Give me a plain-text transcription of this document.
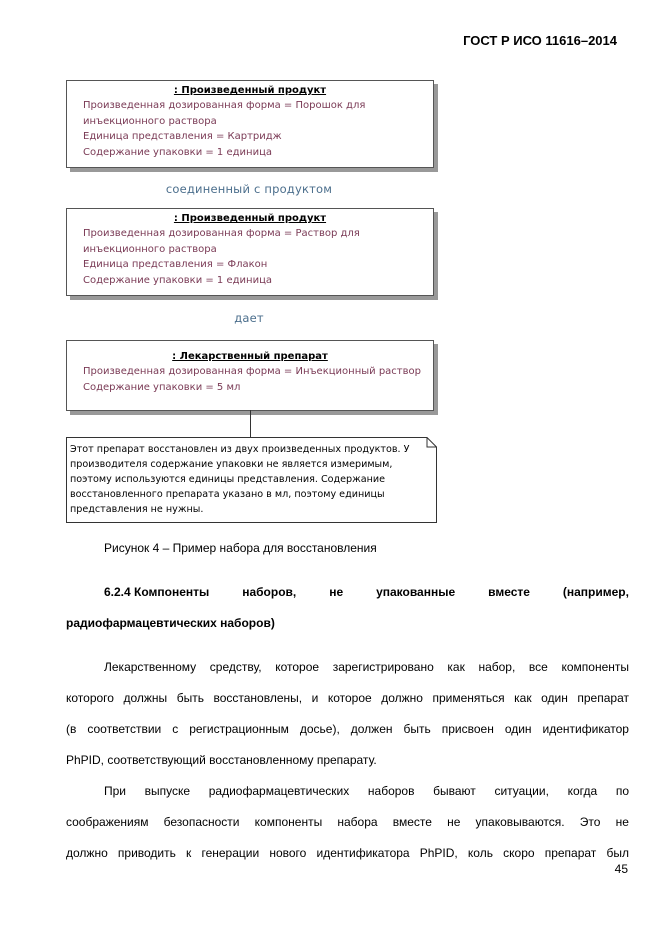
ГОСТ Р ИСО 11616–2014
: Произведенный продукт
Произведенная дозированная форма = Порошок для
инъекционного раствора
Единица представления = Картридж
Содержание упаковки = 1 единица
соединенный с продуктом
: Произведенный продукт
Произведенная дозированная форма = Раствор для
инъекционного раствора
Единица представления = Флакон
Содержание упаковки = 1 единица
дает
: Лекарственный препарат
Произведенная дозированная форма = Инъекционный раствор
Содержание упаковки = 5 мл
Этот препарат восстановлен из двух произведенных продуктов. У
производителя содержание упаковки не является измеримым,
поэтому используются единицы представления. Содержание
восстановленного препарата указано в мл, поэтому единицы
представления не нужны.
Рисунок 4 – Пример набора для восстановления
6.2.4 Компоненты	наборов,	не	упакованные	вместе	(например,
радиофармацевтических наборов)
Лекарственному средству, которое зарегистрировано как набор, все компоненты
которого должны быть восстановлены, и которое должно применяться как один препарат
(в соответствии с регистрационным досье), должен быть присвоен один идентификатор
PhPID, соответствующий восстановленному препарату.
При выпуске радиофармацевтических наборов бывают ситуации, когда по
соображениям безопасности компоненты набора вместе не упаковываются. Это не
должно приводить к генерации нового идентификатора PhPID, коль скоро препарат был
45
